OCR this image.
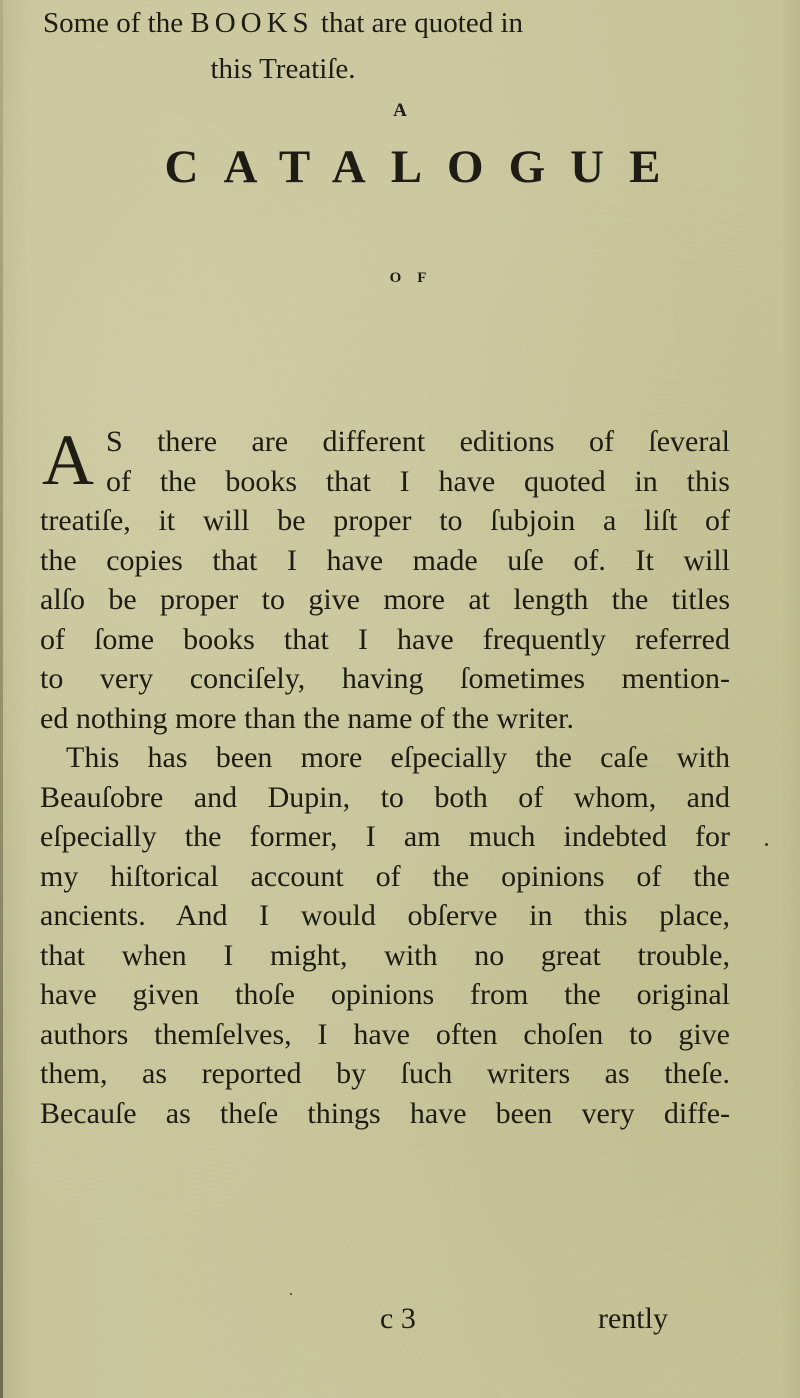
A
CATALOGUE
OF
Some of the BOOKS that are quoted in
this Treatiſe.
A S there are different editions of ſeveral
of the books that I have quoted in this
treatiſe, it will be proper to ſubjoin a liſt of
the copies that I have made uſe of. It will
alſo be proper to give more at length the titles
of ſome books that I have frequently referred
to very conciſely, having ſometimes mention-
ed nothing more than the name of the writer.
This has been more eſpecially the caſe with
Beauſobre and Dupin, to both of whom, and
eſpecially the former, I am much indebted for
my hiſtorical account of the opinions of the
ancients. And I would obſerve in this place,
that when I might, with no great trouble,
have given thoſe opinions from the original
authors themſelves, I have often choſen to give
them, as reported by ſuch writers as theſe.
Becauſe as theſe things have been very diffe-
c 3	rently
